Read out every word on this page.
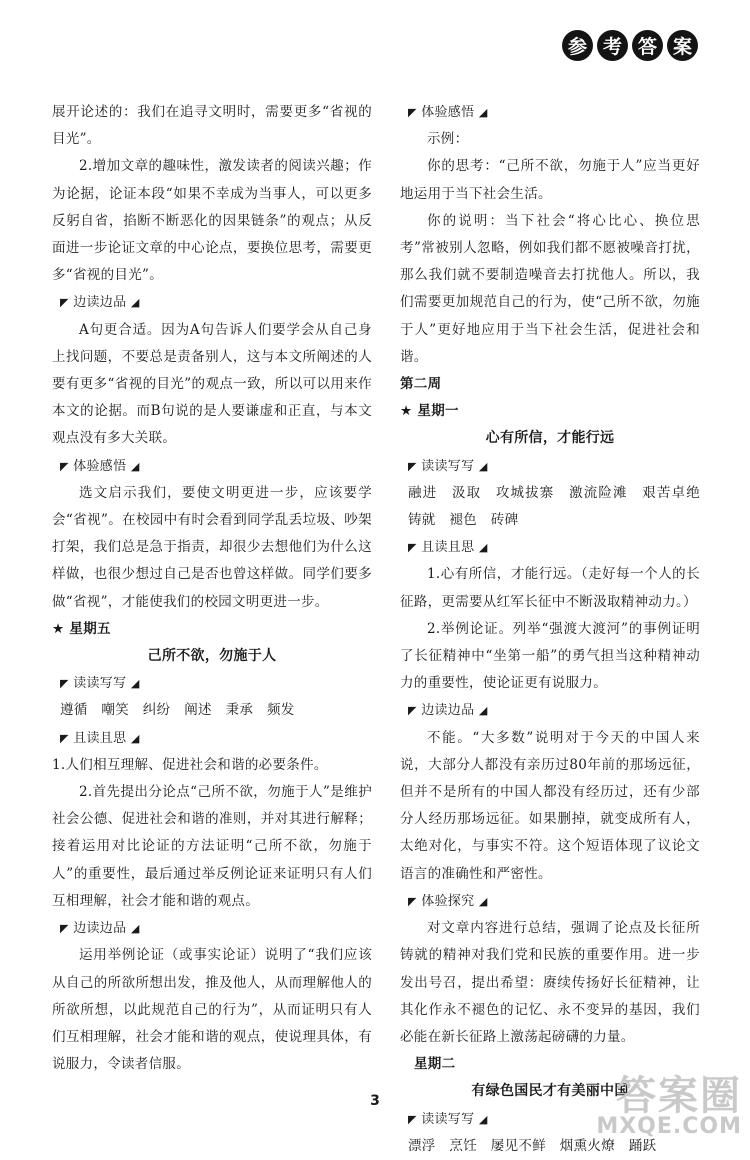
参 考 答 案

展开论述的：我们在追寻文明时，需要更多“省视的目光”。

2.增加文章的趣味性，激发读者的阅读兴趣；作为论据，论证本段“如果不幸成为当事人，可以更多反躬自省，掐断不断恶化的因果链条”的观点；从反面进一步论证文章的中心论点，要换位思考，需要更多“省视的目光”。

◤ 边读边品 ◢

A句更合适。因为A句告诉人们要学会从自己身上找问题，不要总是责备别人，这与本文所阐述的人要有更多“省视的目光”的观点一致，所以可以用来作本文的论据。而B句说的是人要谦虚和正直，与本文观点没有多大关联。

◤ 体验感悟 ◢

选文启示我们，要使文明更进一步，应该要学会“省视”。在校园中有时会看到同学乱丢垃圾、吵架打架，我们总是急于指责，却很少去想他们为什么这样做，也很少想过自己是否也曾这样做。同学们要多做“省视”，才能使我们的校园文明更进一步。

★ 星期五

己所不欲，勿施于人

◤ 读读写写 ◢

遵循　嘲笑　纠纷　阐述　秉承　频发

◤ 且读且思 ◢

1.人们相互理解、促进社会和谐的必要条件。

2.首先提出分论点“己所不欲，勿施于人”是维护社会公德、促进社会和谐的准则，并对其进行解释；接着运用对比论证的方法证明“己所不欲，勿施于人”的重要性，最后通过举反例论证来证明只有人们互相理解，社会才能和谐的观点。

◤ 边读边品 ◢

运用举例论证（或事实论证）说明了“我们应该从自己的所欲所想出发，推及他人，从而理解他人的所欲所想，以此规范自己的行为”，从而证明只有人们互相理解，社会才能和谐的观点，使说理具体，有说服力，令读者信服。

◤ 体验感悟 ◢

示例：

你的思考：“己所不欲，勿施于人”应当更好地运用于当下社会生活。

你的说明：当下社会“将心比心、换位思考”常被别人忽略，例如我们都不愿被噪音打扰，那么我们就不要制造噪音去打扰他人。所以，我们需要更加规范自己的行为，使“己所不欲，勿施于人”更好地应用于当下社会生活，促进社会和谐。

第二周

★ 星期一

心有所信，才能行远

◤ 读读写写 ◢

融进　汲取　攻城拔寨　激流险滩　艰苦卓绝　铸就　褪色　砖碑

◤ 且读且思 ◢

1.心有所信，才能行远。（走好每一个人的长征路，更需要从红军长征中不断汲取精神动力。）

2.举例论证。列举“强渡大渡河”的事例证明了长征精神中“坐第一船”的勇气担当这种精神动力的重要性，使论证更有说服力。

◤ 边读边品 ◢

不能。“大多数”说明对于今天的中国人来说，大部分人都没有亲历过80年前的那场远征，但并不是所有的中国人都没有经历过，还有少部分人经历那场远征。如果删掉，就变成所有人，太绝对化，与事实不符。这个短语体现了议论文语言的准确性和严密性。

◤ 体验探究 ◢

对文章内容进行总结，强调了论点及长征所铸就的精神对我们党和民族的重要作用。进一步发出号召，提出希望：赓续传扬好长征精神，让其化作永不褪色的记忆、永不变异的基因，我们必能在新长征路上激荡起磅礴的力量。

星期二

有绿色国民才有美丽中国

◤ 读读写写 ◢

漂浮　烹饪　屡见不鲜　烟熏火燎　踊跃

3	答案圈
MXQE.COM
